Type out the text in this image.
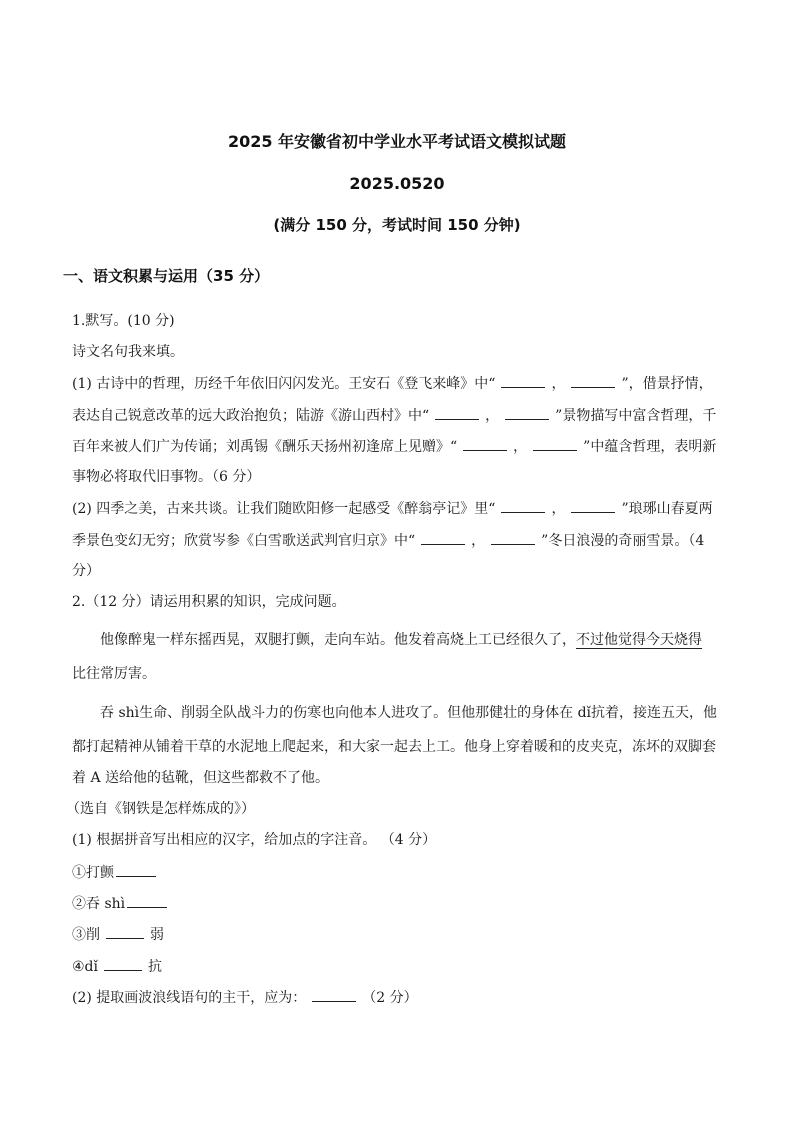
2025 年安徽省初中学业水平考试语文模拟试题
2025.0520
(满分 150 分，考试时间 150 分钟)
一、语文积累与运用（35 分）
1.默写。(10 分)
诗文名句我来填。
(1) 古诗中的哲理，历经千年依旧闪闪发光。王安石《登飞来峰》中“	，	”，借景抒情，
表达自己锐意改革的远大政治抱负；陆游《游山西村》中“	，	”景物描写中富含哲理，千
百年来被人们广为传诵；刘禹锡《酬乐天扬州初逢席上见赠》“	，	”中蕴含哲理，表明新
事物必将取代旧事物。（6 分）
(2) 四季之美，古来共谈。让我们随欧阳修一起感受《醉翁亭记》里“	，	”琅琊山春夏两
季景色变幻无穷；欣赏岑参《白雪歌送武判官归京》中“	，	”冬日浪漫的奇丽雪景。（4
分）
2.（12 分）请运用积累的知识，完成问题。
他像醉鬼一样东摇西晃，双腿打颤，走向车站。他发着高烧上工已经很久了，不过他觉得今天烧得
比往常厉害。
吞 shì生命、削弱全队战斗力的伤寒也向他本人进攻了。但他那健壮的身体在 dǐ抗着，接连五天，他
都打起精神从铺着干草的水泥地上爬起来，和大家一起去上工。他身上穿着暖和的皮夹克，冻坏的双脚套
着 A 送给他的毡靴，但这些都救不了他。
（选自《钢铁是怎样炼成的》）
(1) 根据拼音写出相应的汉字，给加点的字注音。 （4 分）
①打颤
②吞 shì
③削	弱
④dǐ	抗
(2) 提取画波浪线语句的主干，应为：	（2 分）
